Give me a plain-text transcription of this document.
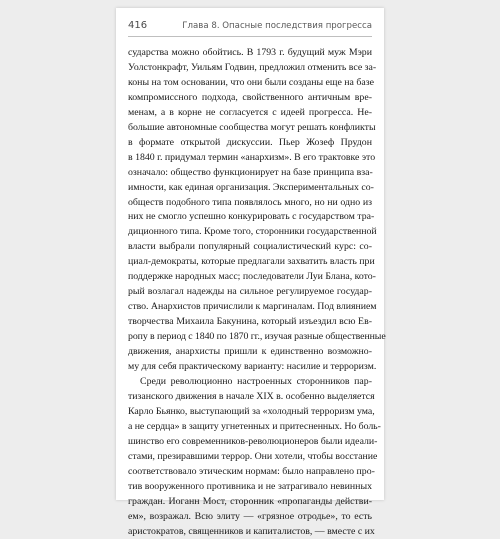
416	Глава 8. Опасные последствия прогресса
сударства можно обойтись. В 1793 г. будущий муж Мэри
Уолстонкрафт, Уильям Годвин, предложил отменить все за-
коны на том основании, что они были созданы еще на базе
компромиссного подхода, свойственного античным вре-
менам, а в корне не согласуется с идеей прогресса. Не-
большие автономные сообщества могут решать конфликты
в формате открытой дискуссии. Пьер Жозеф Прудон
в 1840 г. придумал термин «анархизм». В его трактовке это
означало: общество функционирует на базе принципа вза-
имности, как единая организация. Экспериментальных со-
обществ подобного типа появлялось много, но ни одно из
них не смогло успешно конкурировать с государством тра-
диционного типа. Кроме того, сторонники государственной
власти выбрали популярный социалистический курс: со-
циал-демократы, которые предлагали захватить власть при
поддержке народных масс; последователи Луи Блана, кото-
рый возлагал надежды на сильное регулируемое государ-
ство. Анархистов причислили к маргиналам. Под влиянием
творчества Михаила Бакунина, который изъездил всю Ев-
ропу в период с 1840 по 1870 гг., изучая разные общественные
движения, анархисты пришли к единственно возможно-
му для себя практическому варианту: насилие и терроризм.
Среди революционно настроенных сторонников пар-
тизанского движения в начале XIX в. особенно выделяется
Карло Бьянко, выступающий за «холодный терроризм ума,
а не сердца» в защиту угнетенных и притесненных. Но боль-
шинство его современников-революционеров были идеали-
стами, презиравшими террор. Они хотели, чтобы восстание
соответствовало этическим нормам: было направлено про-
тив вооруженного противника и не затрагивало невинных
граждан. Иоганн Мост, сторонник «пропаганды действи-
ем», возражал. Всю элиту — «грязное отродье», то есть
аристократов, священников и капиталистов, — вместе с их
